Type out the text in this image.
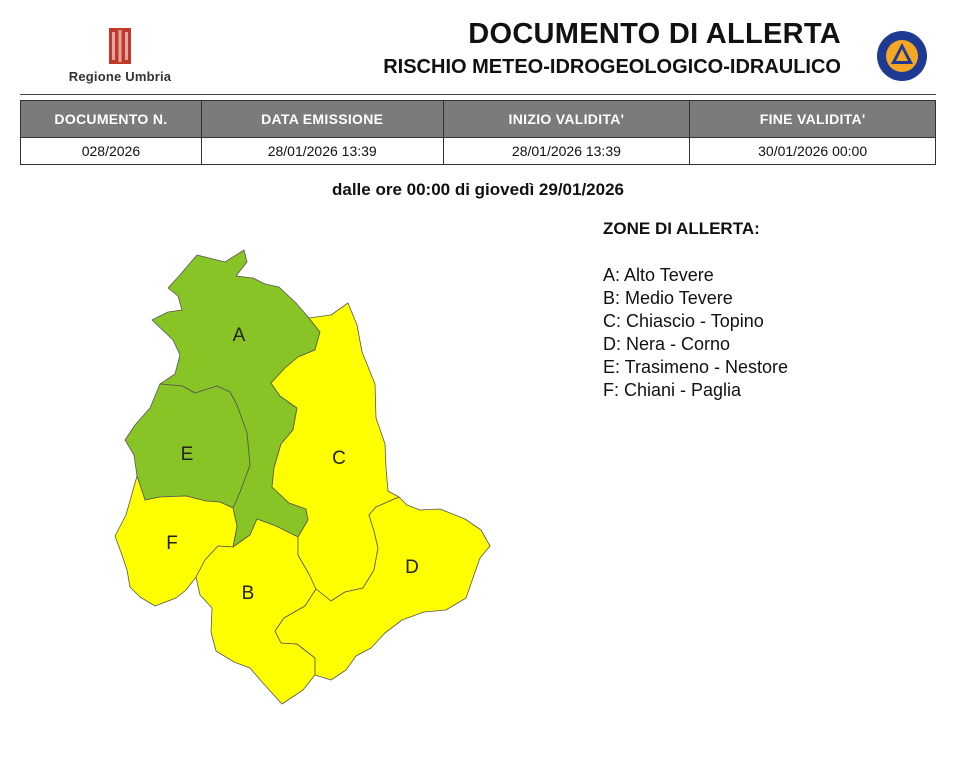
Regione Umbria
DOCUMENTO DI ALLERTA
RISCHIO METEO-IDROGEOLOGICO-IDRAULICO
DOCUMENTO N.	DATA EMISSIONE	INIZIO VALIDITA'	FINE VALIDITA'
028/2026	28/01/2026 13:39	28/01/2026 13:39	30/01/2026 00:00
dalle ore 00:00 di giovedì 29/01/2026
A
B
C
D
E
F
ZONE DI ALLERTA:
A: Alto Tevere
B: Medio Tevere
C: Chiascio - Topino
D: Nera - Corno
E: Trasimeno - Nestore
F: Chiani - Paglia
